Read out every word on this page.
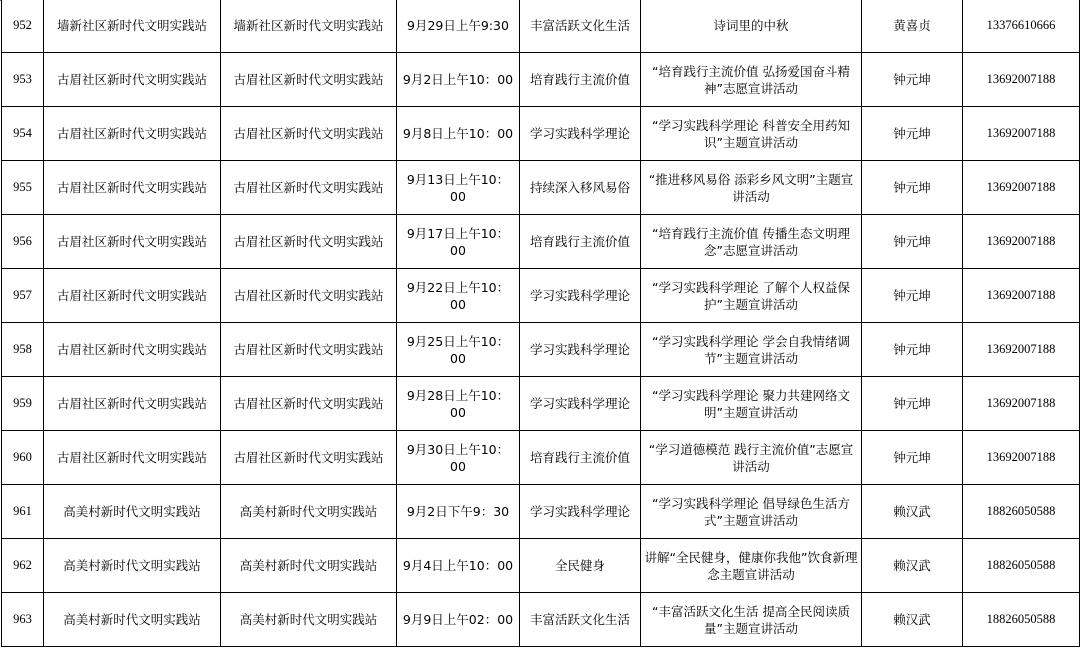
952	墙新社区新时代文明实践站	墙新社区新时代文明实践站	9月29日上午9:30	丰富活跃文化生活	诗词里的中秋	黄喜贞	13376610666
953	古眉社区新时代文明实践站	古眉社区新时代文明实践站	9月2日上午10：00	培育践行主流价值	“培育践行主流价值 弘扬爱国奋斗精神”志愿宣讲活动	钟元坤	13692007188
954	古眉社区新时代文明实践站	古眉社区新时代文明实践站	9月8日上午10：00	学习实践科学理论	“学习实践科学理论 科普安全用药知识”主题宣讲活动	钟元坤	13692007188
955	古眉社区新时代文明实践站	古眉社区新时代文明实践站	9月13日上午10：00	持续深入移风易俗	“推进移风易俗 添彩乡风文明”主题宣讲活动	钟元坤	13692007188
956	古眉社区新时代文明实践站	古眉社区新时代文明实践站	9月17日上午10：00	培育践行主流价值	“培育践行主流价值 传播生态文明理念”志愿宣讲活动	钟元坤	13692007188
957	古眉社区新时代文明实践站	古眉社区新时代文明实践站	9月22日上午10：00	学习实践科学理论	“学习实践科学理论 了解个人权益保护”主题宣讲活动	钟元坤	13692007188
958	古眉社区新时代文明实践站	古眉社区新时代文明实践站	9月25日上午10：00	学习实践科学理论	“学习实践科学理论 学会自我情绪调节”主题宣讲活动	钟元坤	13692007188
959	古眉社区新时代文明实践站	古眉社区新时代文明实践站	9月28日上午10：00	学习实践科学理论	“学习实践科学理论 聚力共建网络文明”主题宣讲活动	钟元坤	13692007188
960	古眉社区新时代文明实践站	古眉社区新时代文明实践站	9月30日上午10：00	培育践行主流价值	“学习道德模范 践行主流价值”志愿宣讲活动	钟元坤	13692007188
961	高美村新时代文明实践站	高美村新时代文明实践站	9月2日下午9：30	学习实践科学理论	“学习实践科学理论 倡导绿色生活方式”主题宣讲活动	赖汉武	18826050588
962	高美村新时代文明实践站	高美村新时代文明实践站	9月4日上午10：00	全民健身	讲解“全民健身，健康你我他”饮食新理念主题宣讲活动	赖汉武	18826050588
963	高美村新时代文明实践站	高美村新时代文明实践站	9月9日上午02：00	丰富活跃文化生活	“丰富活跃文化生活 提高全民阅读质量”主题宣讲活动	赖汉武	18826050588
